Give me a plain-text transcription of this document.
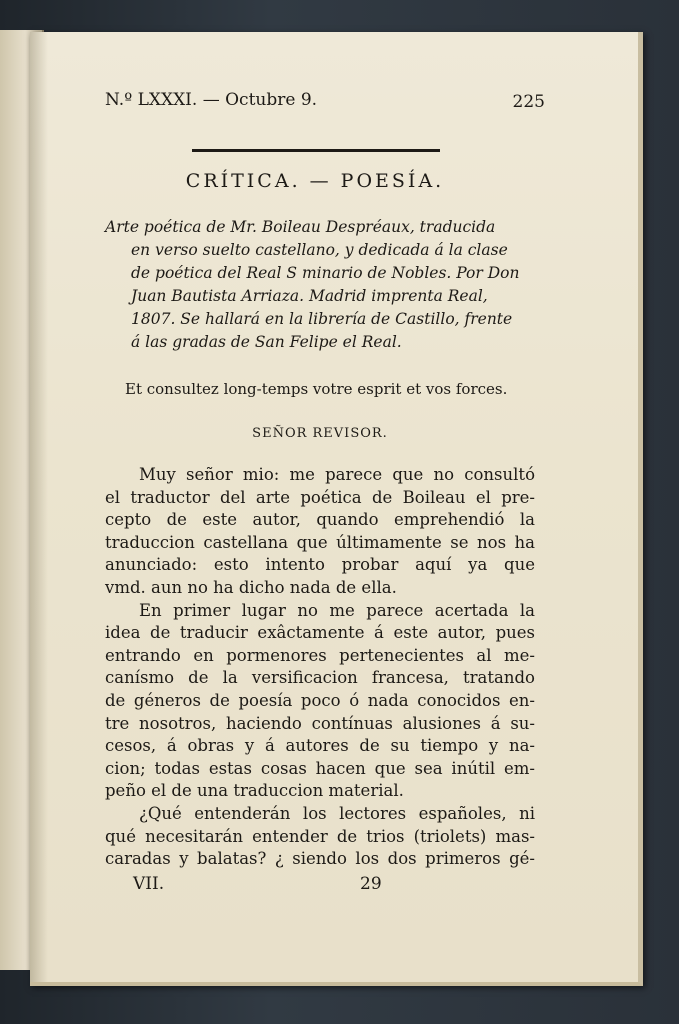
N.º LXXXI. — Octubre 9.	225
CRÍTICA. — POESÍA.
Arte poética de Mr. Boileau Despréaux, traducida
en verso suelto castellano, y dedicada á la clase
de poética del Real S minario de Nobles. Por Don
Juan Bautista Arriaza. Madrid imprenta Real,
1807. Se hallará en la librería de Castillo, frente
á las gradas de San Felipe el Real.
Et consultez long-temps votre esprit et vos forces.
SEÑOR REVISOR.
Muy señor mio: me parece que no consultó
el traductor del arte poética de Boileau el pre-
cepto de este autor, quando emprehendió la
traduccion castellana que últimamente se nos ha
anunciado: esto intento probar aquí ya que
vmd. aun no ha dicho nada de ella.
En primer lugar no me parece acertada la
idea de traducir exâctamente á este autor, pues
entrando en pormenores pertenecientes al me-
canísmo de la versificacion francesa, tratando
de géneros de poesía poco ó nada conocidos en-
tre nosotros, haciendo contínuas alusiones á su-
cesos, á obras y á autores de su tiempo y na-
cion; todas estas cosas hacen que sea inútil em-
peño el de una traduccion material.
¿Qué entenderán los lectores españoles, ni
qué necesitarán entender de trios (triolets) mas-
caradas y balatas? ¿ siendo los dos primeros gé-
VII.	29
